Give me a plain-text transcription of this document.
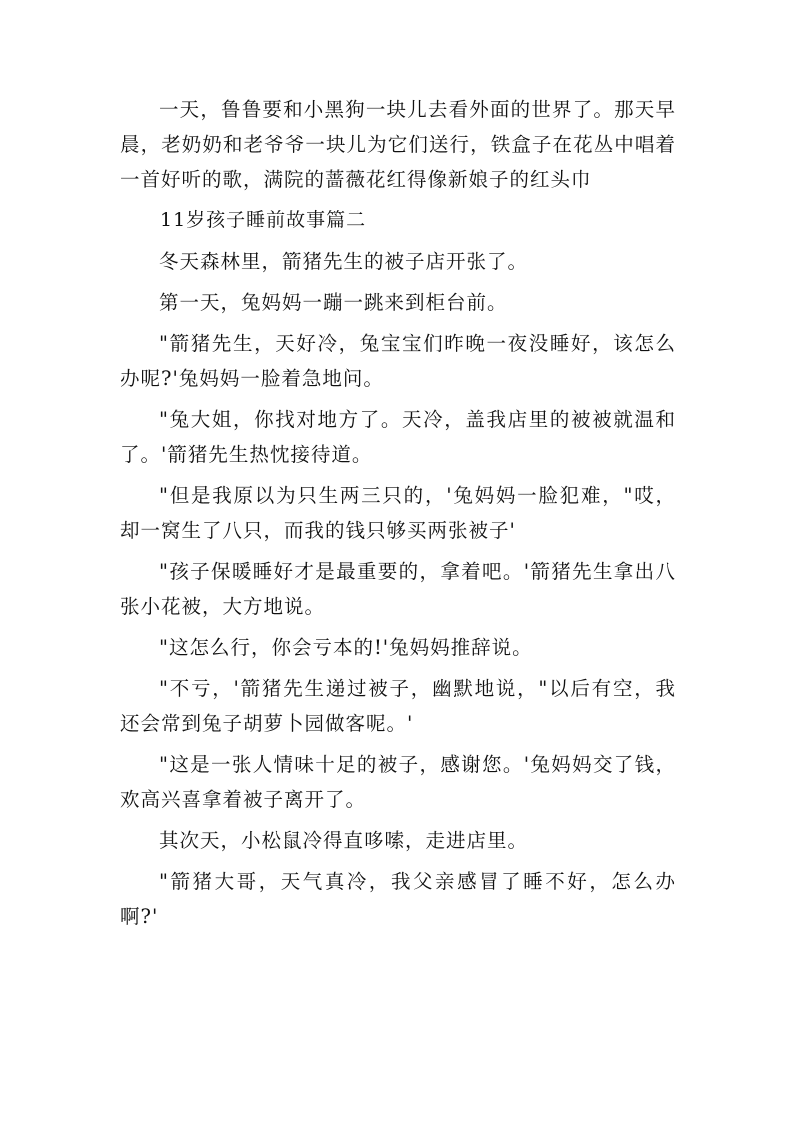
一天，鲁鲁要和小黑狗一块儿去看外面的世界了。那天早晨，老奶奶和老爷爷一块儿为它们送行，铁盒子在花丛中唱着一首好听的歌，满院的蔷薇花红得像新娘子的红头巾

11岁孩子睡前故事篇二

冬天森林里，箭猪先生的被子店开张了。

第一天，兔妈妈一蹦一跳来到柜台前。

"箭猪先生，天好冷，兔宝宝们昨晚一夜没睡好，该怎么办呢?'兔妈妈一脸着急地问。

"兔大姐，你找对地方了。天冷，盖我店里的被被就温和了。'箭猪先生热忱接待道。

"但是我原以为只生两三只的，'兔妈妈一脸犯难，"哎，却一窝生了八只，而我的钱只够买两张被子'

"孩子保暖睡好才是最重要的，拿着吧。'箭猪先生拿出八张小花被，大方地说。

"这怎么行，你会亏本的!'兔妈妈推辞说。

"不亏，'箭猪先生递过被子，幽默地说，"以后有空，我还会常到兔子胡萝卜园做客呢。'

"这是一张人情味十足的被子，感谢您。'兔妈妈交了钱，欢高兴喜拿着被子离开了。

其次天，小松鼠冷得直哆嗦，走进店里。

"箭猪大哥，天气真冷，我父亲感冒了睡不好，怎么办啊?'
